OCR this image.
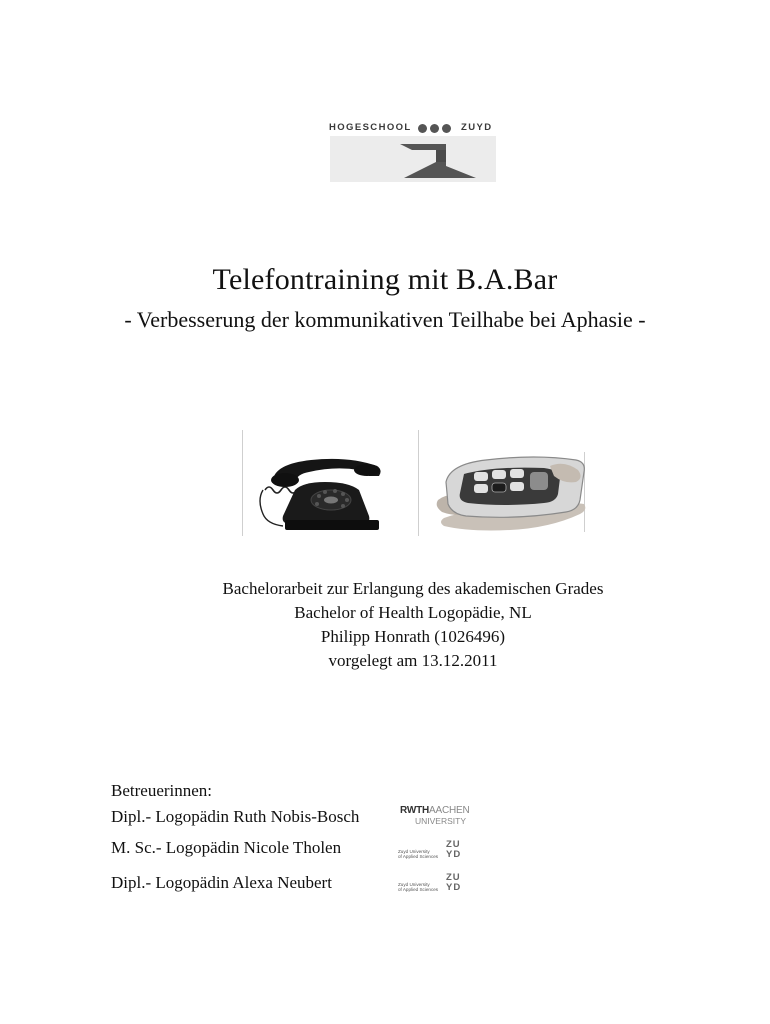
HOGESCHOOL	ZUYD
Telefontraining mit B.A.Bar
- Verbesserung der kommunikativen Teilhabe bei Aphasie -
Bachelorarbeit zur Erlangung des akademischen Grades
Bachelor of Health Logopädie, NL
Philipp Honrath (1026496)
vorgelegt am 13.12.2011
Betreuerinnen:
Dipl.- Logopädin Ruth Nobis-Bosch
M. Sc.- Logopädin Nicole Tholen
Dipl.- Logopädin Alexa Neubert
RWTHAACHEN
UNIVERSITY
Zuyd University
of Applied Sciences
ZU
YD
Zuyd University
of Applied Sciences
ZU
YD
